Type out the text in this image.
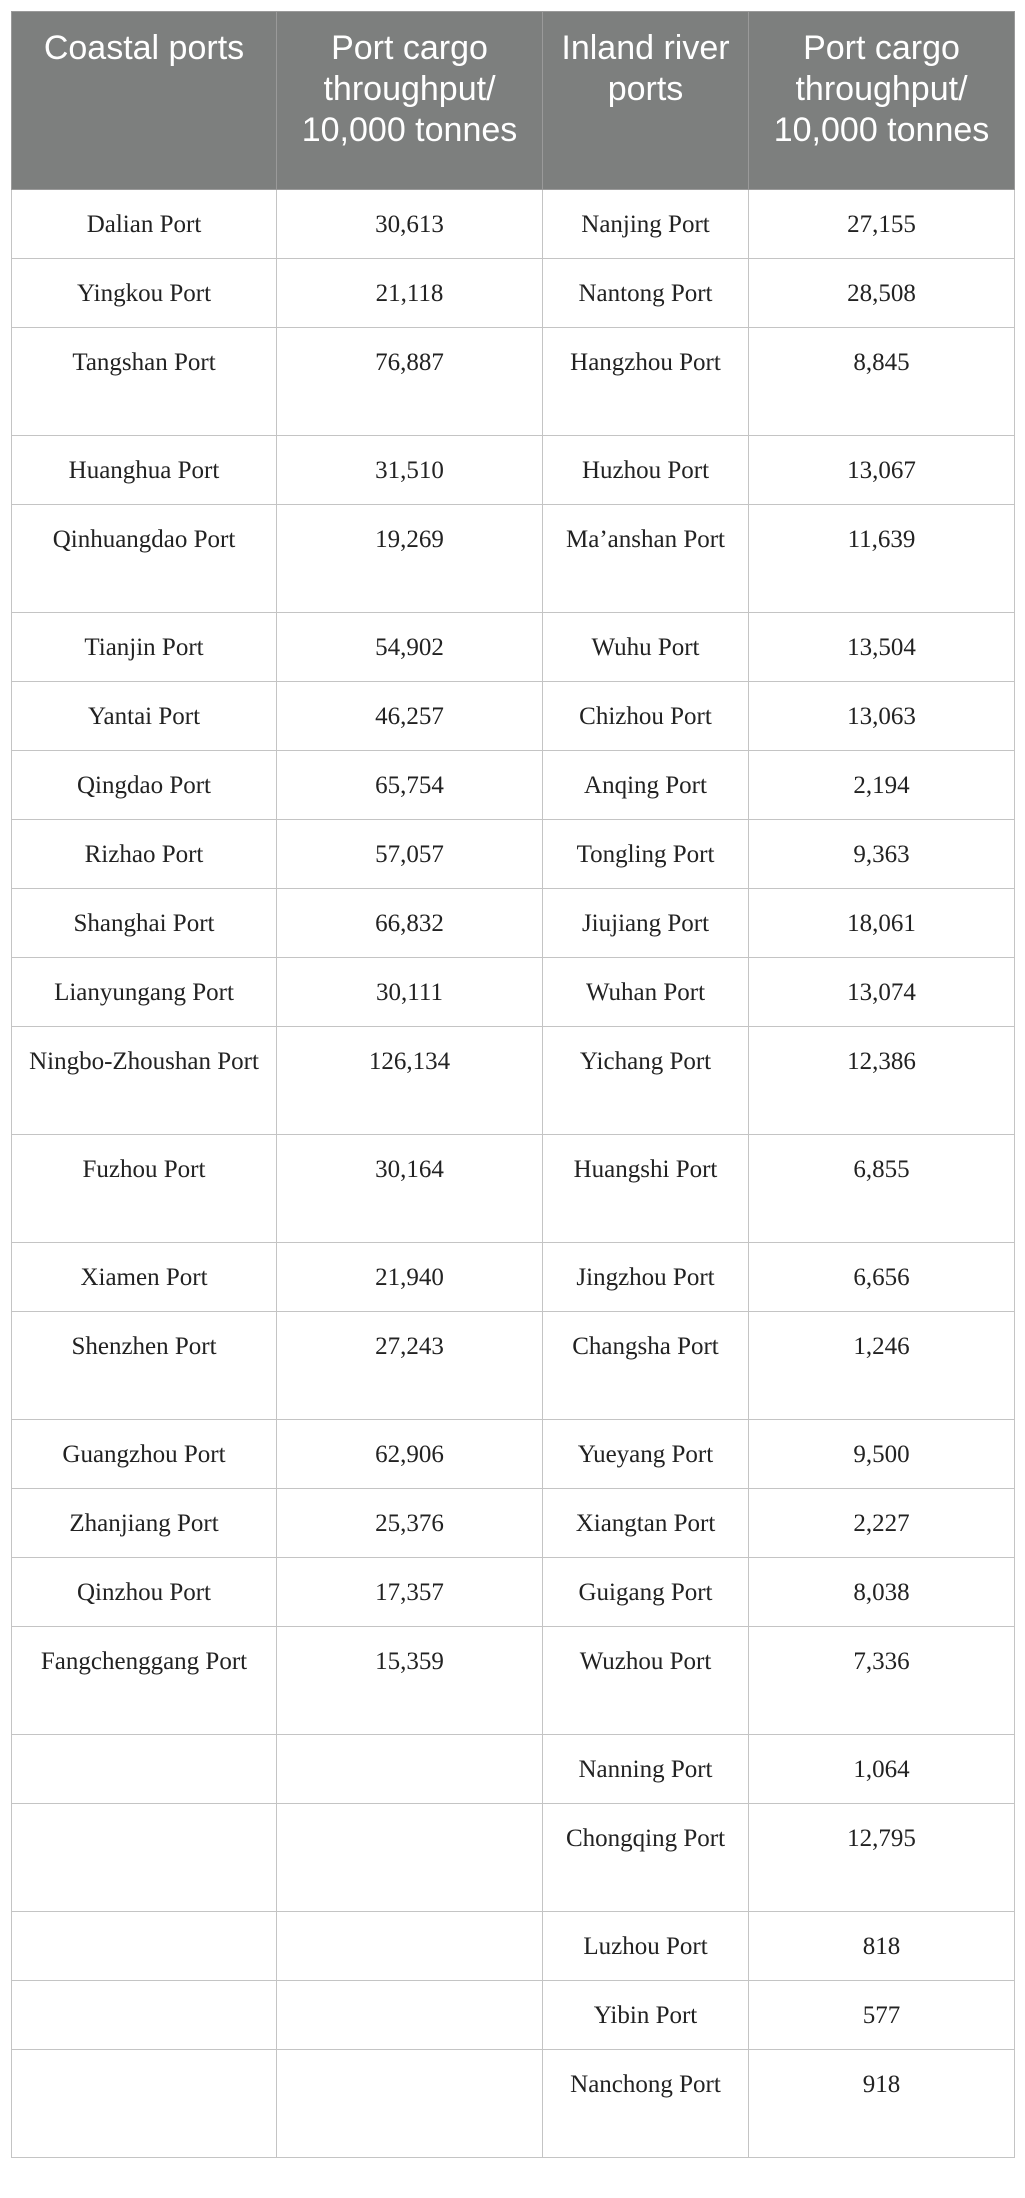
Coastal ports	Port cargo throughput/ 10,000 tonnes	Inland river ports	Port cargo throughput/ 10,000 tonnes
Dalian Port	30,613	Nanjing Port	27,155
Yingkou Port	21,118	Nantong Port	28,508
Tangshan Port	76,887	Hangzhou Port	8,845
Huanghua Port	31,510	Huzhou Port	13,067
Qinhuangdao Port	19,269	Ma’anshan Port	11,639
Tianjin Port	54,902	Wuhu Port	13,504
Yantai Port	46,257	Chizhou Port	13,063
Qingdao Port	65,754	Anqing Port	2,194
Rizhao Port	57,057	Tongling Port	9,363
Shanghai Port	66,832	Jiujiang Port	18,061
Lianyungang Port	30,111	Wuhan Port	13,074
Ningbo-Zhoushan Port	126,134	Yichang Port	12,386
Fuzhou Port	30,164	Huangshi Port	6,855
Xiamen Port	21,940	Jingzhou Port	6,656
Shenzhen Port	27,243	Changsha Port	1,246
Guangzhou Port	62,906	Yueyang Port	9,500
Zhanjiang Port	25,376	Xiangtan Port	2,227
Qinzhou Port	17,357	Guigang Port	8,038
Fangchenggang Port	15,359	Wuzhou Port	7,336
		Nanning Port	1,064
		Chongqing Port	12,795
		Luzhou Port	818
		Yibin Port	577
		Nanchong Port	918
